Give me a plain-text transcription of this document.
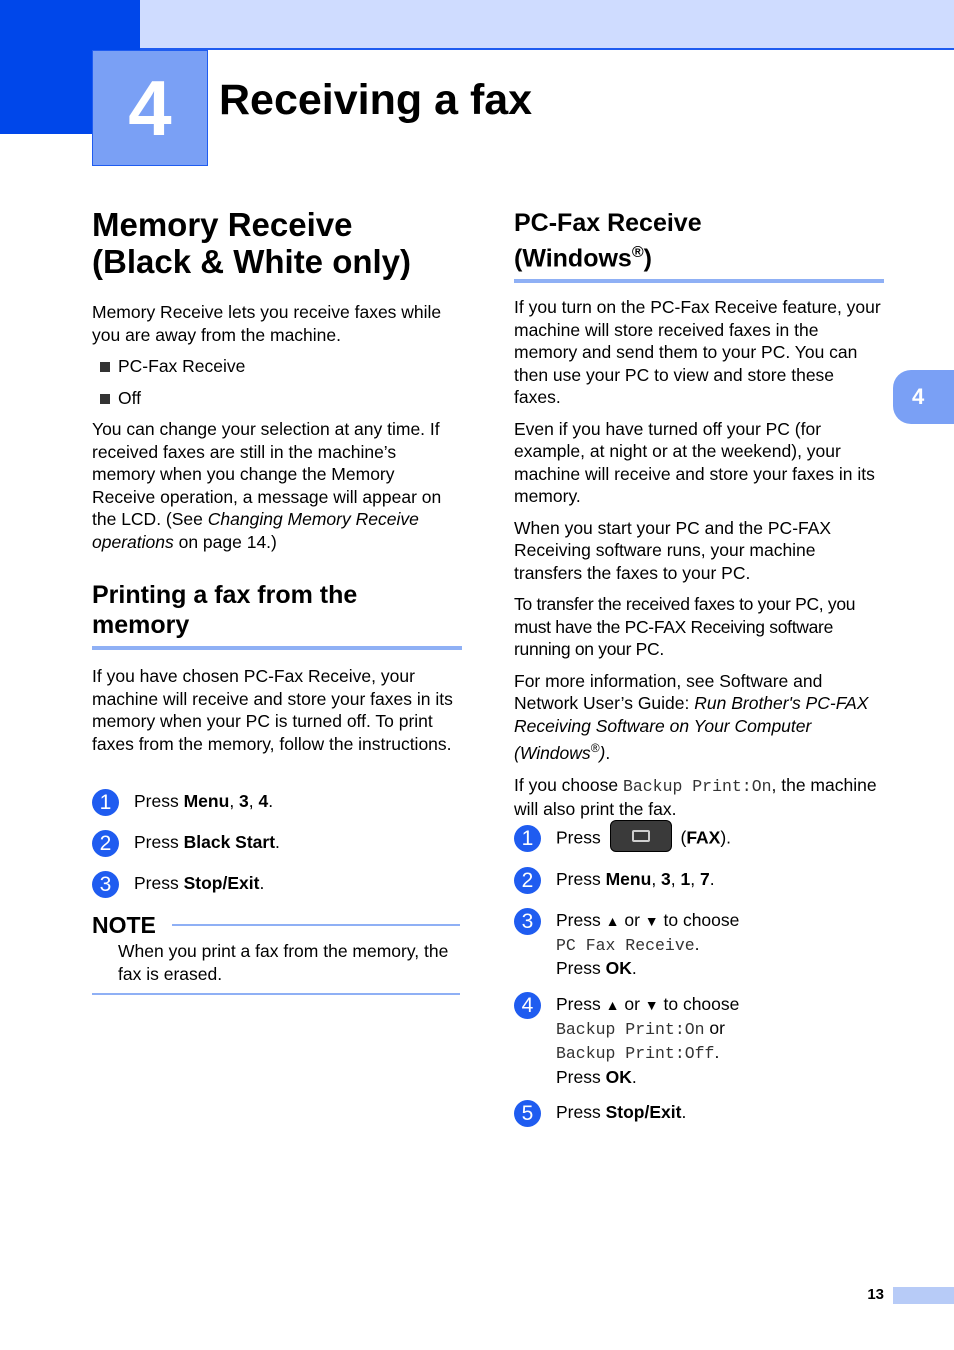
4	Receiving a fax
4
Memory Receive
(Black & White only)

Memory Receive lets you receive faxes while you are away from the machine.

PC-Fax Receive

Off

You can change your selection at any time. If received faxes are still in the machine’s memory when you change the Memory Receive operation, a message will appear on the LCD. (See Changing Memory Receive operations on page 14.)

Printing a fax from the
memory

If you have chosen PC-Fax Receive, your machine will receive and store your faxes in its memory when your PC is turned off. To print faxes from the memory, follow the instructions.

1	Press Menu, 3, 4.
2	Press Black Start.
3	Press Stop/Exit.
NOTE

When you print a fax from the memory, the fax is erased.

PC-Fax Receive
(Windows®)

If you turn on the PC-Fax Receive feature, your machine will store received faxes in the memory and send them to your PC. You can then use your PC to view and store these faxes.

Even if you have turned off your PC (for example, at night or at the weekend), your machine will receive and store your faxes in its memory.

When you start your PC and the PC-FAX Receiving software runs, your machine transfers the faxes to your PC.

To transfer the received faxes to your PC, you must have the PC-FAX Receiving software running on your PC.

For more information, see Software and Network User’s Guide: Run Brother's PC-FAX Receiving Software on Your Computer (Windows®).

If you choose Backup Print:On, the machine will also print the fax.

1	Press	(FAX).
2	Press Menu, 3, 1, 7.
3	Press ▲ or ▼ to choose
PC Fax Receive.
Press OK.
4	Press ▲ or ▼ to choose
Backup Print:On or
Backup Print:Off.
Press OK.
5	Press Stop/Exit.
13
